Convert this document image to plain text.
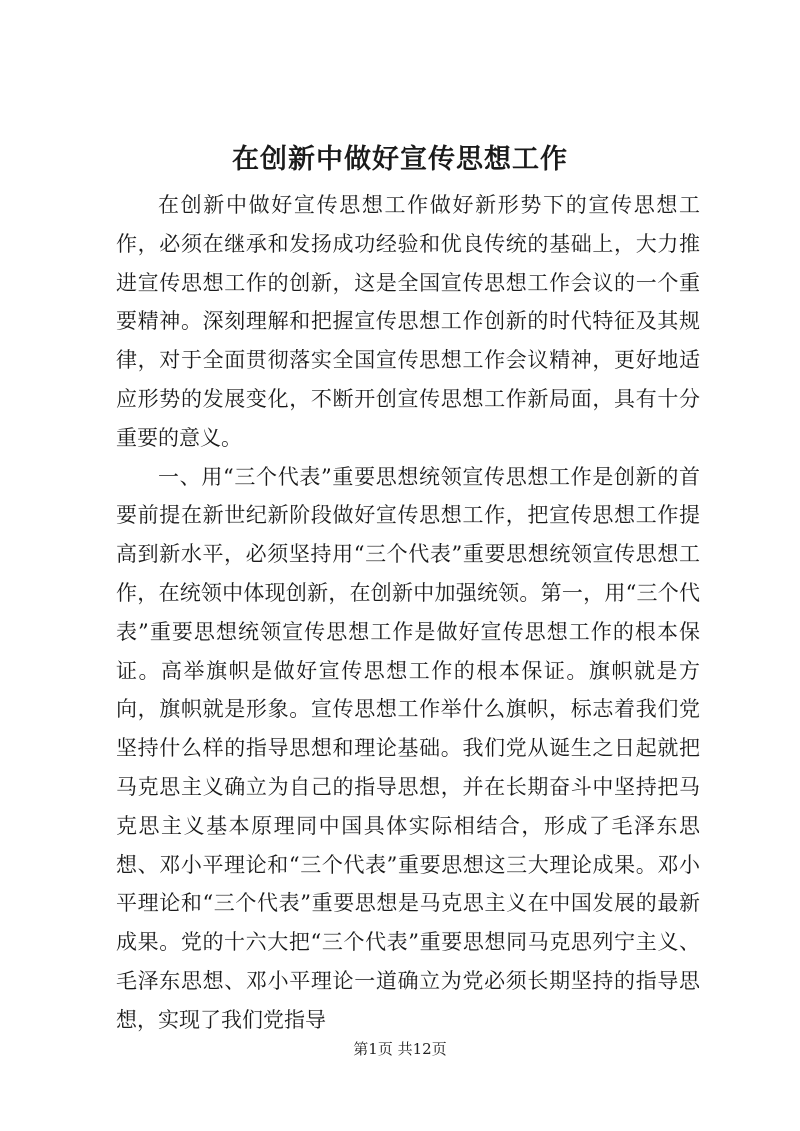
在创新中做好宣传思想工作

在创新中做好宣传思想工作做好新形势下的宣传思想工作，必须在继承和发扬成功经验和优良传统的基础上，大力推进宣传思想工作的创新，这是全国宣传思想工作会议的一个重要精神。深刻理解和把握宣传思想工作创新的时代特征及其规律，对于全面贯彻落实全国宣传思想工作会议精神，更好地适应形势的发展变化，不断开创宣传思想工作新局面，具有十分重要的意义。

一、用“三个代表”重要思想统领宣传思想工作是创新的首要前提在新世纪新阶段做好宣传思想工作，把宣传思想工作提高到新水平，必须坚持用“三个代表”重要思想统领宣传思想工作，在统领中体现创新，在创新中加强统领。第一，用“三个代表”重要思想统领宣传思想工作是做好宣传思想工作的根本保证。高举旗帜是做好宣传思想工作的根本保证。旗帜就是方向，旗帜就是形象。宣传思想工作举什么旗帜，标志着我们党坚持什么样的指导思想和理论基础。我们党从诞生之日起就把马克思主义确立为自己的指导思想，并在长期奋斗中坚持把马克思主义基本原理同中国具体实际相结合，形成了毛泽东思想、邓小平理论和“三个代表”重要思想这三大理论成果。邓小平理论和“三个代表”重要思想是马克思主义在中国发展的最新成果。党的十六大把“三个代表”重要思想同马克思列宁主义、毛泽东思想、邓小平理论一道确立为党必须长期坚持的指导思想，实现了我们党指导

第1页 共12页
